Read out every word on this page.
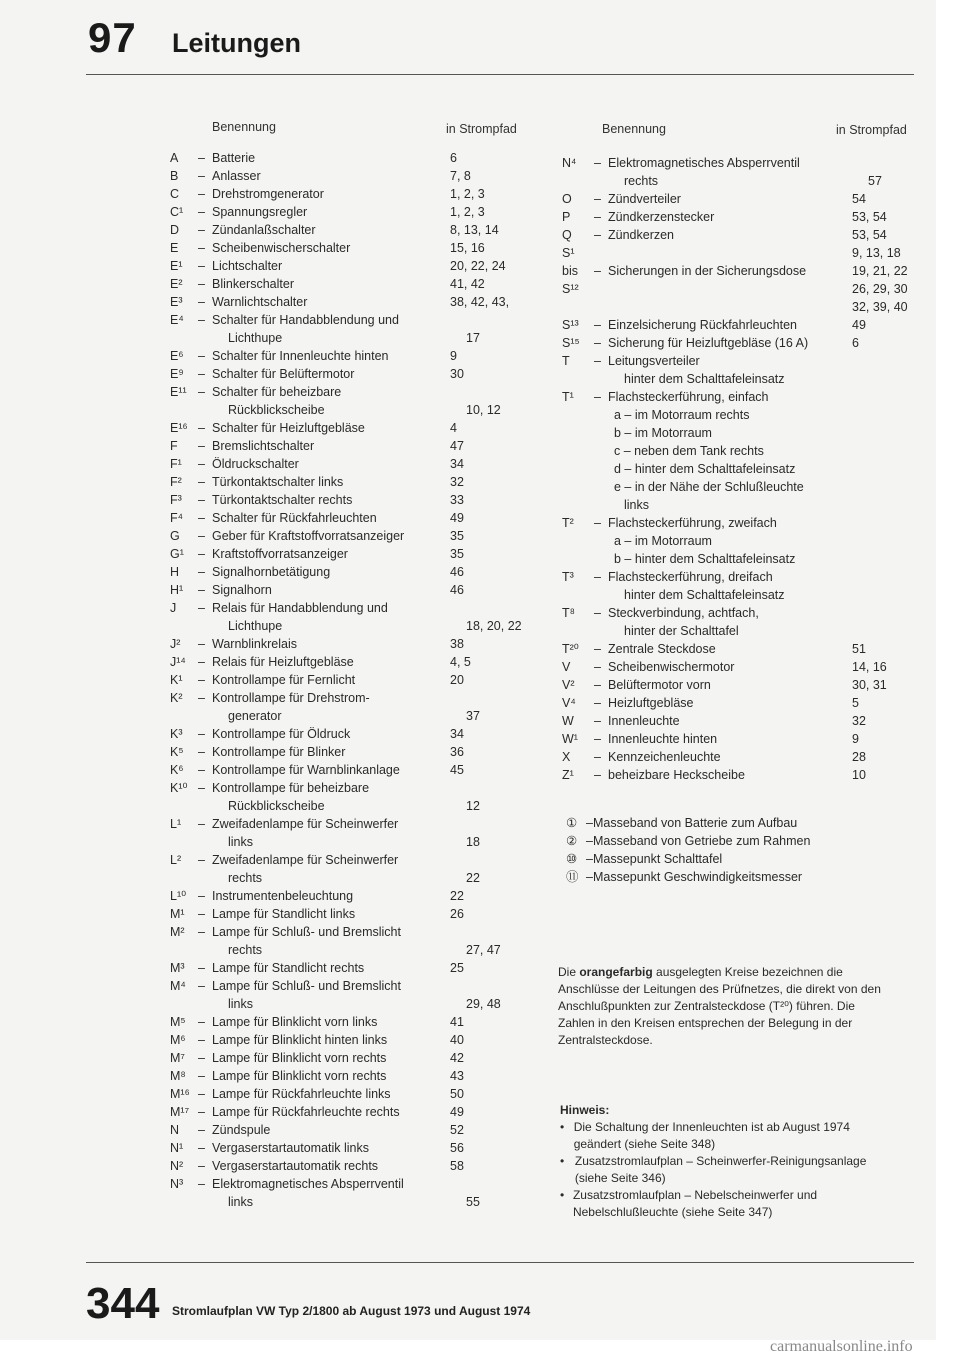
97 Leitungen
Benennung	in Strompfad	Benennung	in Strompfad
A	– Batterie	6
B	– Anlasser	7, 8
C	– Drehstromgenerator	1, 2, 3
C¹	– Spannungsregler	1, 2, 3
D	– Zündanlaßschalter	8, 13, 14
E	– Scheibenwischerschalter	15, 16
E¹	– Lichtschalter	20, 22, 24
E²	– Blinkerschalter	41, 42
E³	– Warnlichtschalter	38, 42, 43,
E⁴	– Schalter für Handabblendung und
Lichthupe	17
E⁶	– Schalter für Innenleuchte hinten	9
E⁹	– Schalter für Belüftermotor	30
E¹¹ – Schalter für beheizbare
Rückblickscheibe	10, 12
E¹⁶ – Schalter für Heizluftgebläse	4
F	– Bremslichtschalter	47
F¹	– Öldruckschalter	34
F²	– Türkontaktschalter links	32
F³	– Türkontaktschalter rechts	33
F⁴	– Schalter für Rückfahrleuchten	49
G	– Geber für Kraftstoffvorratsanzeiger	35
G¹	– Kraftstoffvorratsanzeiger	35
H	– Signalhornbetätigung	46
H¹	– Signalhorn	46
J	– Relais für Handabblendung und
Lichthupe	18, 20, 22
J²	– Warnblinkrelais	38
J¹⁴ – Relais für Heizluftgebläse	4, 5
K¹	– Kontrollampe für Fernlicht	20
K²	– Kontrollampe für Drehstrom-
generator	37
K³	– Kontrollampe für Öldruck	34
K⁵	– Kontrollampe für Blinker	36
K⁶	– Kontrollampe für Warnblinkanlage	45
K¹⁰ – Kontrollampe für beheizbare
Rückblickscheibe	12
L¹	– Zweifadenlampe für Scheinwerfer
links	18
L²	– Zweifadenlampe für Scheinwerfer
rechts	22
L¹⁰ – Instrumentenbeleuchtung	22
M¹	– Lampe für Standlicht links	26
M²	– Lampe für Schluß- und Bremslicht
rechts	27, 47
M³	– Lampe für Standlicht rechts	25
M⁴ – Lampe für Schluß- und Bremslicht
links	29, 48
M⁵ – Lampe für Blinklicht vorn links	41
M⁶ – Lampe für Blinklicht hinten links	40
M⁷	– Lampe für Blinklicht vorn rechts	42
M⁸ – Lampe für Blinklicht vorn rechts	43
M¹⁶ – Lampe für Rückfahrleuchte links	50
M¹⁷ – Lampe für Rückfahrleuchte rechts	49
N	– Zündspule	52
N¹	– Vergaserstartautomatik links	56
N²	– Vergaserstartautomatik rechts	58
N³	– Elektromagnetisches Absperrventil
links	55
N⁴	– Elektromagnetisches Absperrventil
rechts	57
O	– Zündverteiler	54
P	– Zündkerzenstecker	53, 54
Q	– Zündkerzen	53, 54
S¹	9, 13, 18
bis	– Sicherungen in der Sicherungsdose	19, 21, 22
S¹²	26, 29, 30
32, 39, 40
S¹³	– Einzelsicherung Rückfahrleuchten	49
S¹⁵	– Sicherung für Heizluftgebläse (16 A)	6
T	– Leitungsverteiler
hinter dem Schalttafeleinsatz
T¹	– Flachsteckerführung, einfach
a – im Motorraum rechts
b – im Motorraum
c – neben dem Tank rechts
d – hinter dem Schalttafeleinsatz
e – in der Nähe der Schlußleuchte
links
T²	– Flachsteckerführung, zweifach
a – im Motorraum
b – hinter dem Schalttafeleinsatz
T³	– Flachsteckerführung, dreifach
hinter dem Schalttafeleinsatz
T⁸	– Steckverbindung, achtfach,
hinter der Schalttafel
T²⁰	– Zentrale Steckdose	51
V	– Scheibenwischermotor	14, 16
V²	– Belüftermotor vorn	30, 31
V⁴	– Heizluftgebläse	5
W	– Innenleuchte	32
W¹	– Innenleuchte hinten	9
X	– Kennzeichenleuchte	28
Z¹	– beheizbare Heckscheibe	10
① – Masseband von Batterie zum Aufbau
② – Masseband von Getriebe zum Rahmen
⑩ – Massepunkt Schalttafel
⑪ – Massepunkt Geschwindigkeitsmesser
Die orangefarbig ausgelegten Kreise bezeichnen die Anschlüsse der Leitungen des Prüfnetzes, die direkt von den Anschlußpunkten zur Zentralsteckdose (T²⁰) führen. Die Zahlen in den Kreisen entsprechen der Belegung in der Zentralsteckdose.
Hinweis:
• Die Schaltung der Innenleuchten ist ab August 1974 geändert (siehe Seite 348)
• Zusatzstromlaufplan – Scheinwerfer-Reinigungsanlage (siehe Seite 346)
• Zusatzstromlaufplan – Nebelscheinwerfer und Nebelschlußleuchte (siehe Seite 347)
344 Stromlaufplan VW Typ 2/1800 ab August 1973 und August 1974
carmanualsonline.info
